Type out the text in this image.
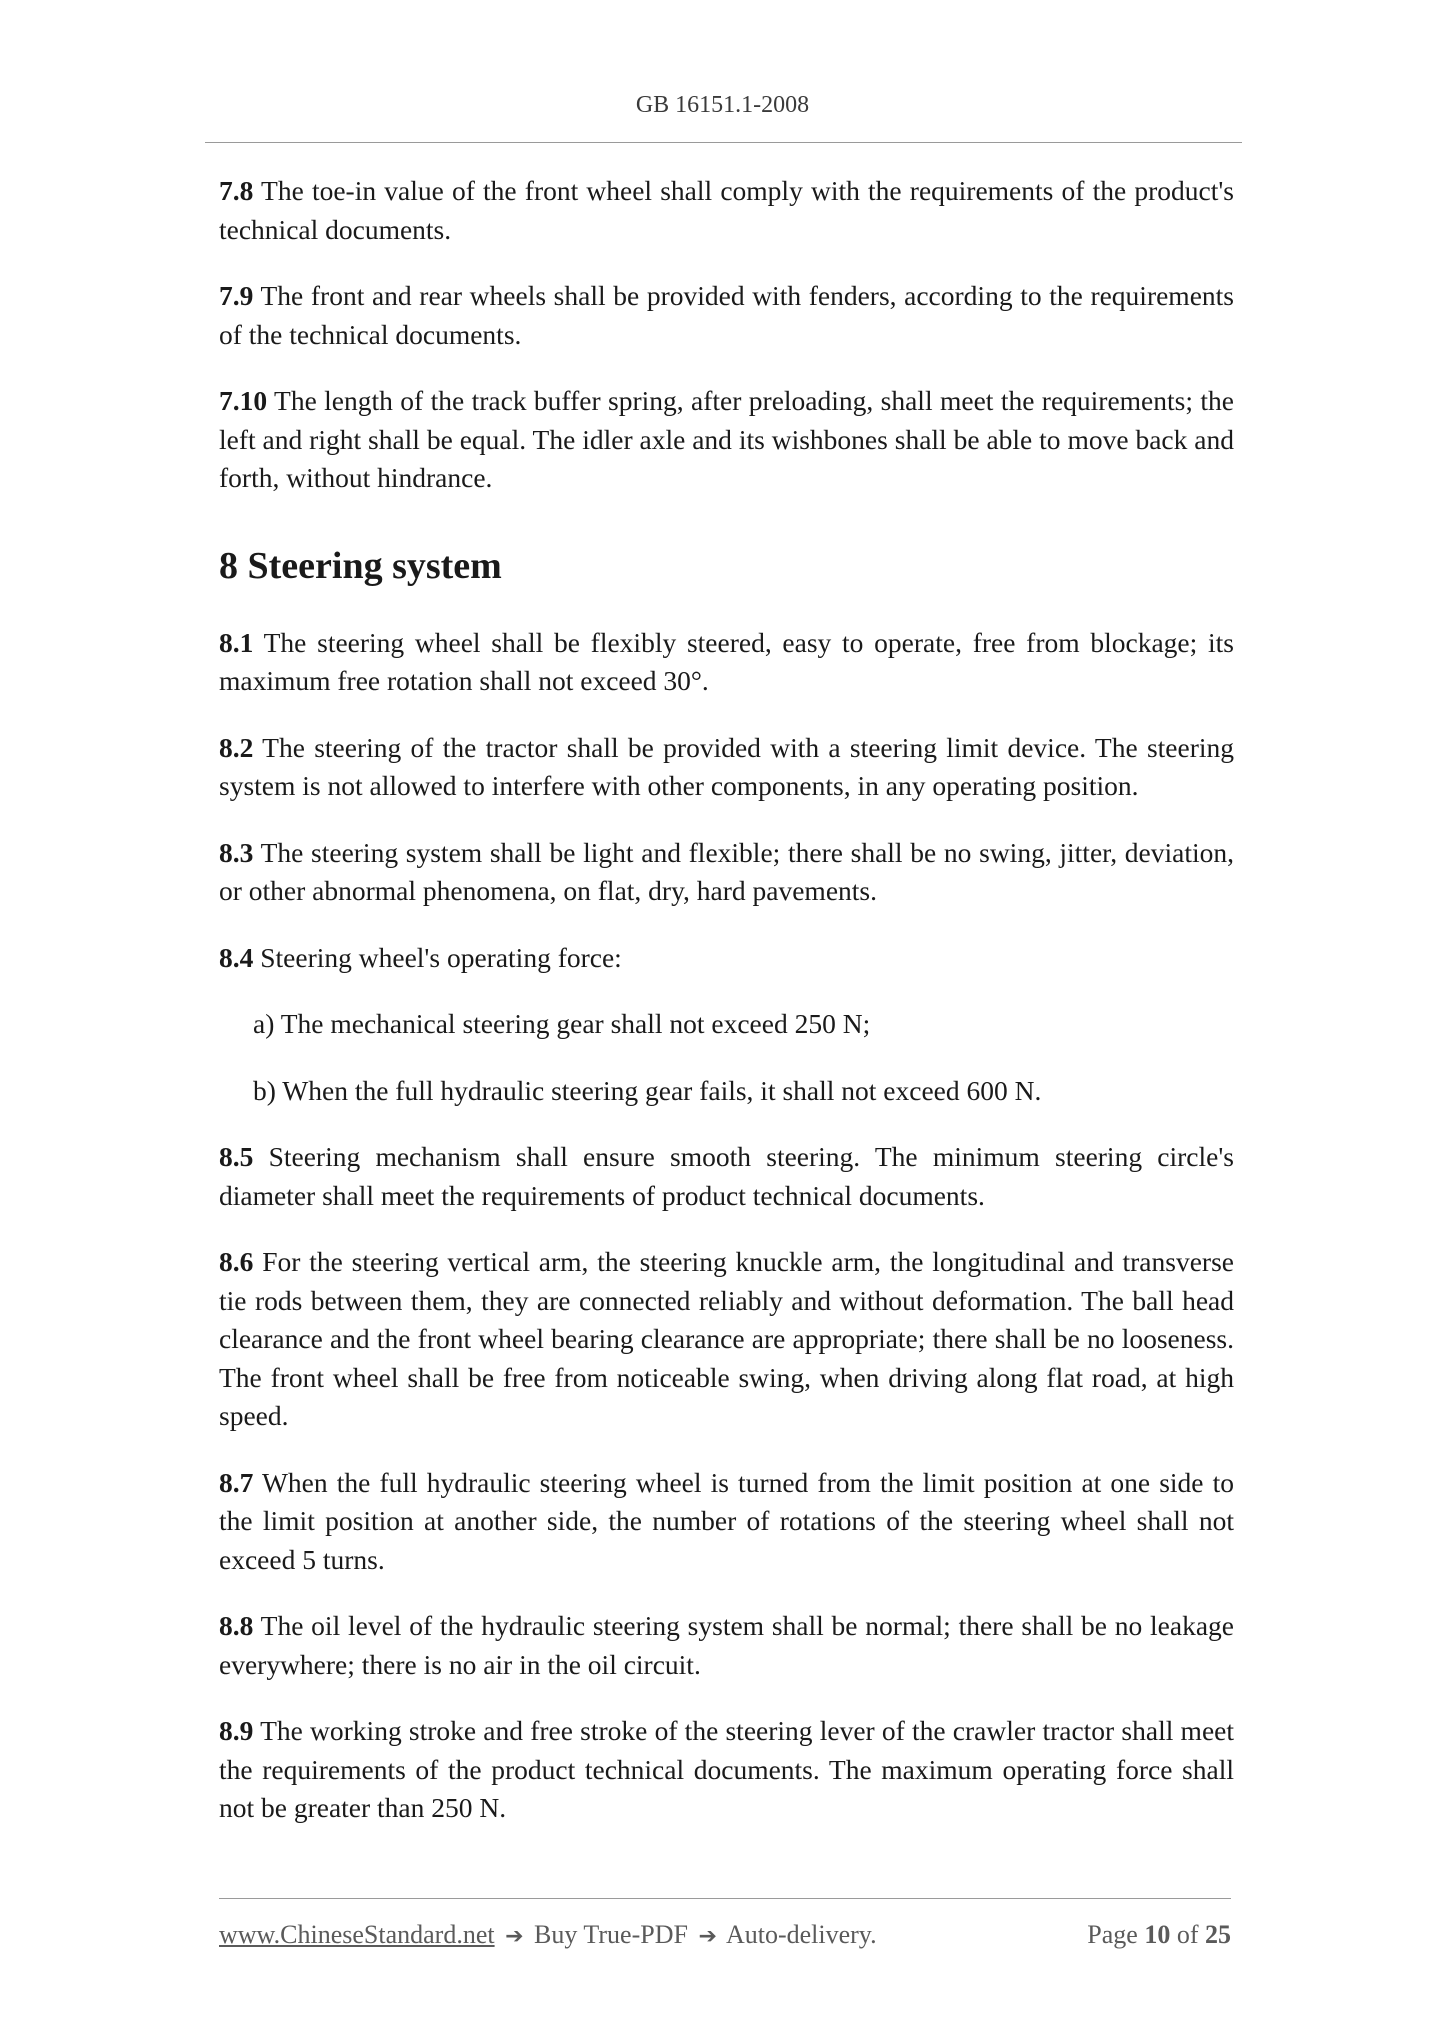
GB 16151.1-2008

7.8 The toe-in value of the front wheel shall comply with the requirements of the product's technical documents.

7.9 The front and rear wheels shall be provided with fenders, according to the requirements of the technical documents.

7.10 The length of the track buffer spring, after preloading, shall meet the requirements; the left and right shall be equal. The idler axle and its wishbones shall be able to move back and forth, without hindrance.

8 Steering system

8.1 The steering wheel shall be flexibly steered, easy to operate, free from blockage; its maximum free rotation shall not exceed 30°.

8.2 The steering of the tractor shall be provided with a steering limit device. The steering system is not allowed to interfere with other components, in any operating position.

8.3 The steering system shall be light and flexible; there shall be no swing, jitter, deviation, or other abnormal phenomena, on flat, dry, hard pavements.

8.4 Steering wheel's operating force:

a) The mechanical steering gear shall not exceed 250 N;

b) When the full hydraulic steering gear fails, it shall not exceed 600 N.

8.5 Steering mechanism shall ensure smooth steering. The minimum steering circle's diameter shall meet the requirements of product technical documents.

8.6 For the steering vertical arm, the steering knuckle arm, the longitudinal and transverse tie rods between them, they are connected reliably and without deformation. The ball head clearance and the front wheel bearing clearance are appropriate; there shall be no looseness. The front wheel shall be free from noticeable swing, when driving along flat road, at high speed.

8.7 When the full hydraulic steering wheel is turned from the limit position at one side to the limit position at another side, the number of rotations of the steering wheel shall not exceed 5 turns.

8.8 The oil level of the hydraulic steering system shall be normal; there shall be no leakage everywhere; there is no air in the oil circuit.

8.9 The working stroke and free stroke of the steering lever of the crawler tractor shall meet the requirements of the product technical documents. The maximum operating force shall not be greater than 250 N.

www.ChineseStandard.net ➔ Buy True-PDF ➔ Auto-delivery.	Page 10 of 25
